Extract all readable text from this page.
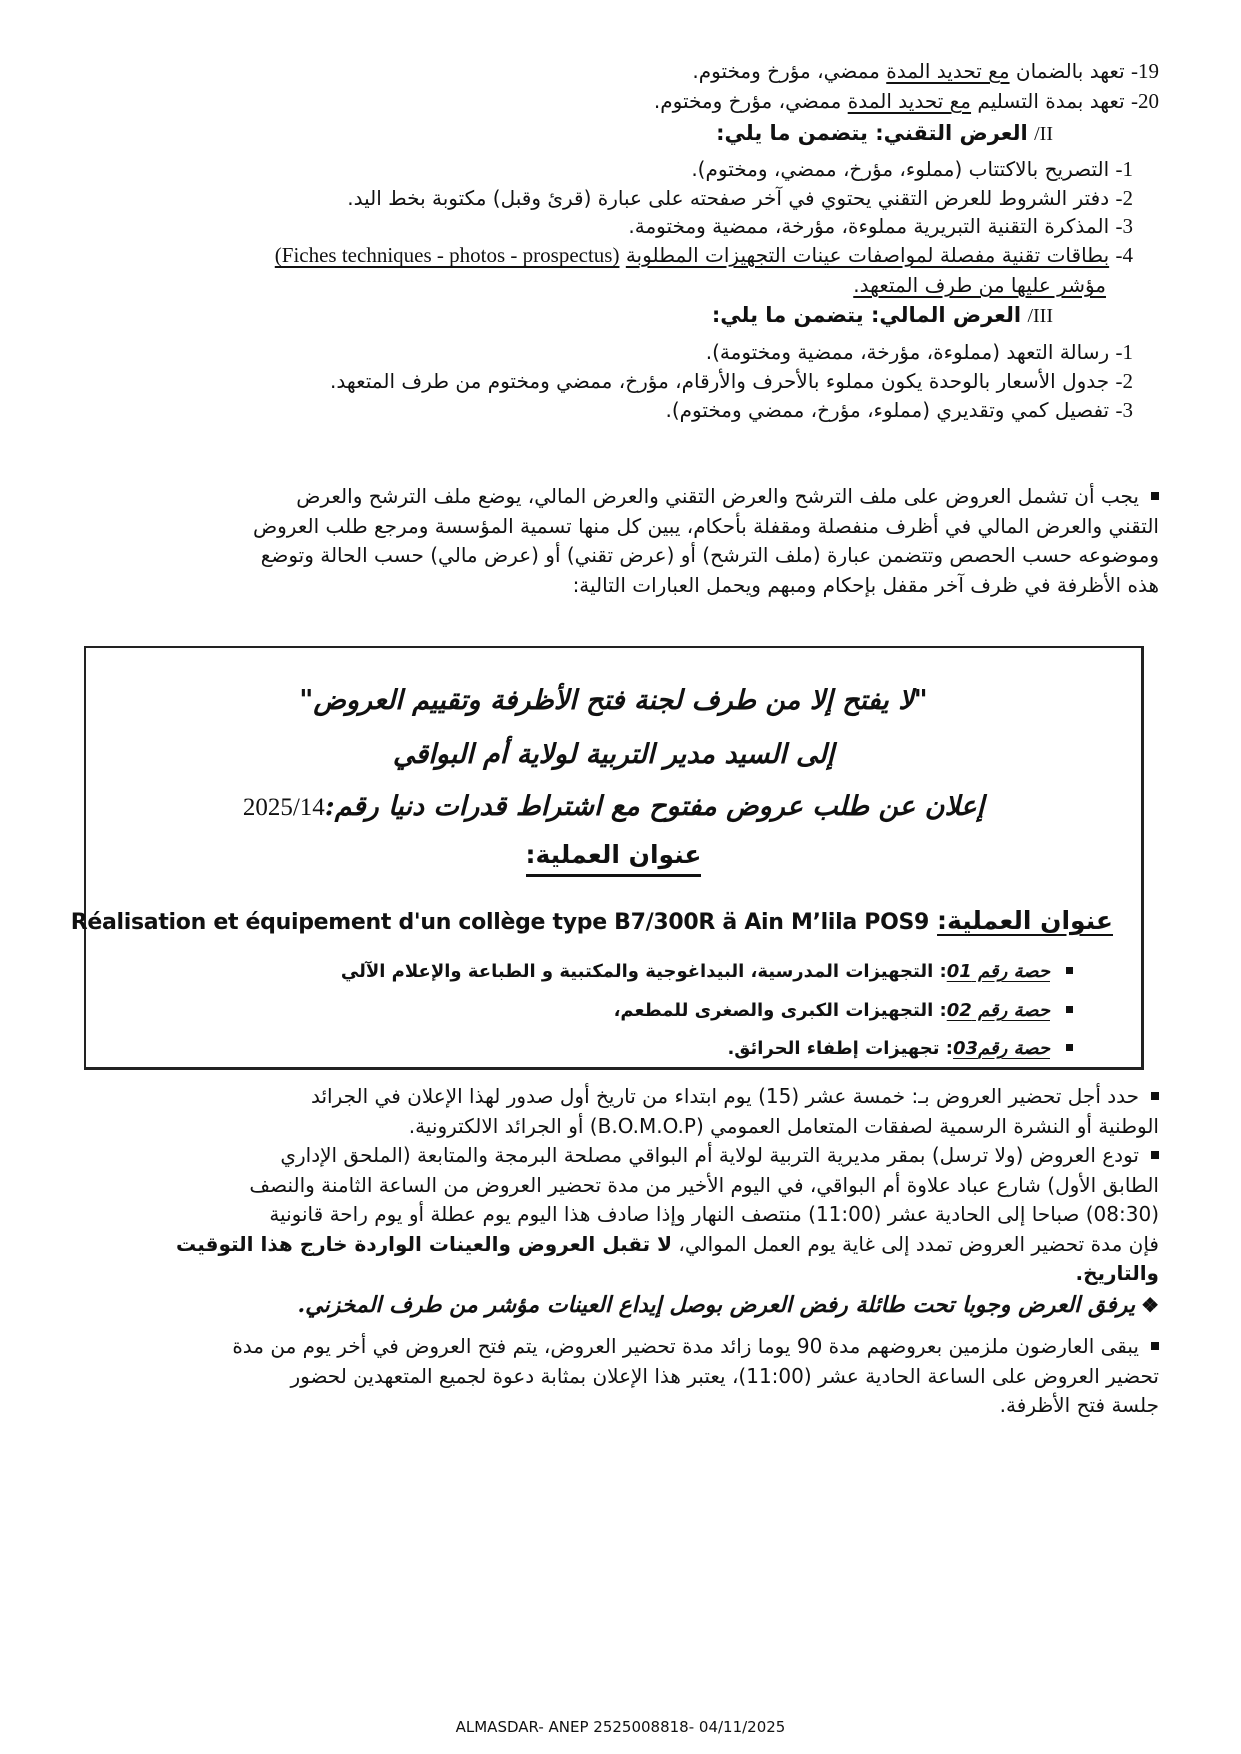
19- تعهد بالضمان مع تحديد المدة ممضي، مؤرخ ومختوم.
20- تعهد بمدة التسليم مع تحديد المدة ممضي، مؤرخ ومختوم.
II/ العرض التقني: يتضمن ما يلي:
1- التصريح بالاكتتاب (مملوء، مؤرخ، ممضي، ومختوم).
2- دفتر الشروط للعرض التقني يحتوي في آخر صفحته على عبارة (قرئ وقبل) مكتوبة بخط اليد.
3- المذكرة التقنية التبريرية مملوءة، مؤرخة، ممضية ومختومة.
4- بطاقات تقنية مفصلة لمواصفات عينات التجهيزات المطلوبة (Fiches techniques - photos - prospectus)
مؤشر عليها من طرف المتعهد.
III/ العرض المالي: يتضمن ما يلي:
1- رسالة التعهد (مملوءة، مؤرخة، ممضية ومختومة).
2- جدول الأسعار بالوحدة يكون مملوء بالأحرف والأرقام، مؤرخ، ممضي ومختوم من طرف المتعهد.
3- تفصيل كمي وتقديري (مملوء، مؤرخ، ممضي ومختوم).
يجب أن تشمل العروض على ملف الترشح والعرض التقني والعرض المالي، يوضع ملف الترشح والعرض
التقني والعرض المالي في أظرف منفصلة ومقفلة بأحكام، يبين كل منها تسمية المؤسسة ومرجع طلب العروض
وموضوعه حسب الحصص وتتضمن عبارة (ملف الترشح) أو (عرض تقني) أو (عرض مالي) حسب الحالة وتوضع
هذه الأظرفة في ظرف آخر مقفل بإحكام ومبهم ويحمل العبارات التالية:
"لا يفتح إلا من طرف لجنة فتح الأظرفة وتقييم العروض"
إلى السيد مدير التربية لولاية أم البواقي
إعلان عن طلب عروض مفتوح مع اشتراط قدرات دنيا رقم:2025/14
عنوان العملية:
عنوان العملية: Réalisation et équipement d'un collège type B7/300R ä Ain M’lila POS9
حصة رقم 01: التجهيزات المدرسية، البيداغوجية والمكتبية و الطباعة والإعلام الآلي
حصة رقم 02: التجهيزات الكبرى والصغرى للمطعم،
حصة رقم03: تجهيزات إطفاء الحرائق.
حدد أجل تحضير العروض بـ: خمسة عشر (15) يوم ابتداء من تاريخ أول صدور لهذا الإعلان في الجرائد
الوطنية أو النشرة الرسمية لصفقات المتعامل العمومي (B.O.M.O.P) أو الجرائد الالكترونية.
تودع العروض (ولا ترسل) بمقر مديرية التربية لولاية أم البواقي مصلحة البرمجة والمتابعة (الملحق الإداري
الطابق الأول) شارع عباد علاوة أم البواقي، في اليوم الأخير من مدة تحضير العروض من الساعة الثامنة والنصف
(08:30) صباحا إلى الحادية عشر (11:00) منتصف النهار وإذا صادف هذا اليوم يوم عطلة أو يوم راحة قانونية
فإن مدة تحضير العروض تمدد إلى غاية يوم العمل الموالي، لا تقبل العروض والعينات الواردة خارج هذا التوقيت
والتاريخ.
❖يرفق العرض وجوبا تحت طائلة رفض العرض بوصل إيداع العينات مؤشر من طرف المخزني.
يبقى العارضون ملزمين بعروضهم مدة 90 يوما زائد مدة تحضير العروض، يتم فتح العروض في أخر يوم من مدة
تحضير العروض على الساعة الحادية عشر (11:00)، يعتبر هذا الإعلان بمثابة دعوة لجميع المتعهدين لحضور
جلسة فتح الأظرفة.
ALMASDAR- ANEP 2525008818- 04/11/2025
